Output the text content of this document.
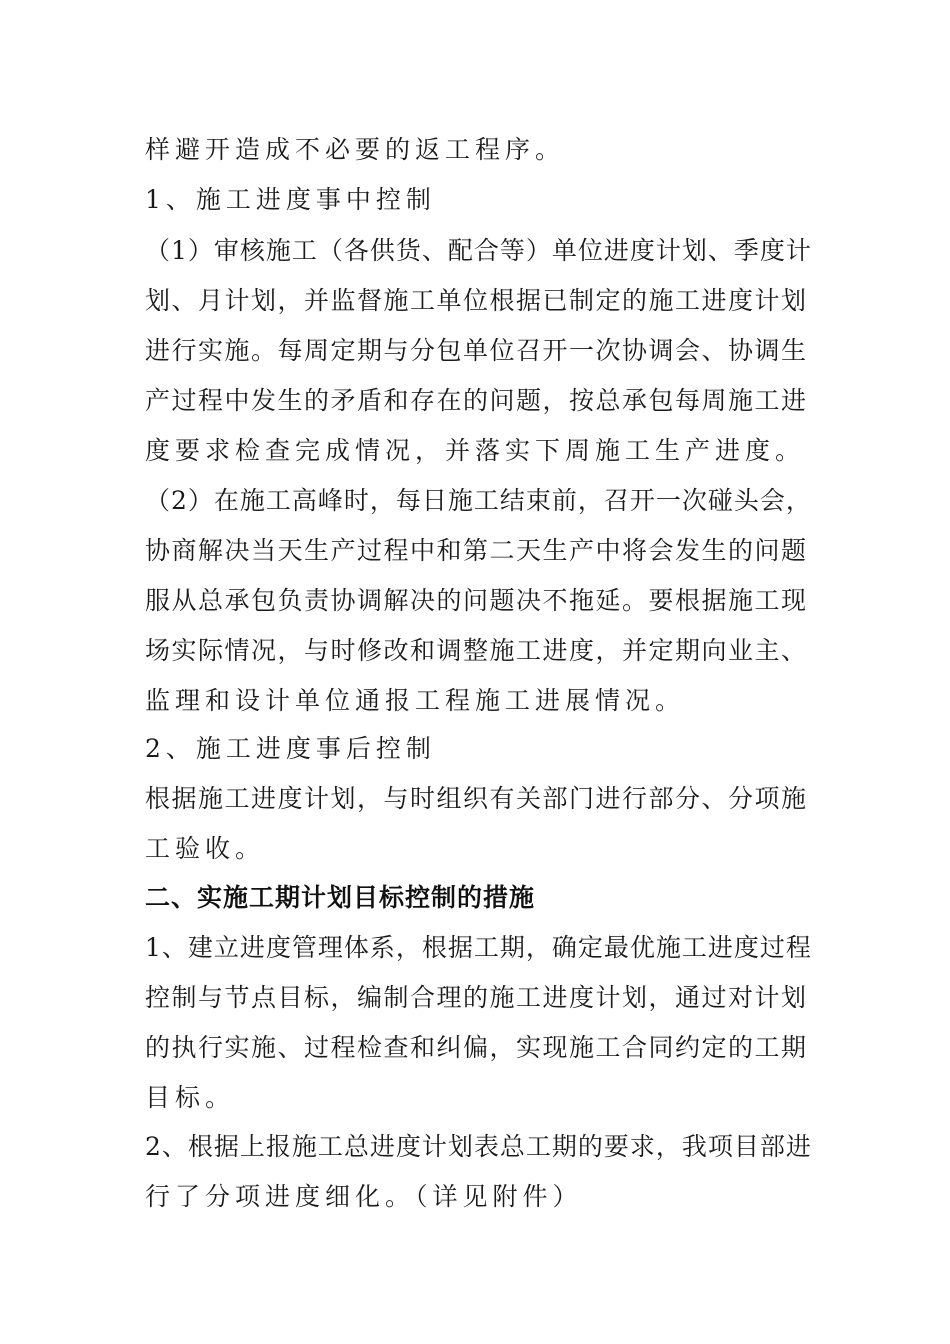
样避开造成不必要的返工程序。
1、施工进度事中控制
（1）审核施工（各供货、配合等）单位进度计划、季度计
划、月计划，并监督施工单位根据已制定的施工进度计划
进行实施。每周定期与分包单位召开一次协调会、协调生
产过程中发生的矛盾和存在的问题，按总承包每周施工进
度要求检查完成情况，并落实下周施工生产进度。
（2）在施工高峰时，每日施工结束前，召开一次碰头会，
协商解决当天生产过程中和第二天生产中将会发生的问题
服从总承包负责协调解决的问题决不拖延。要根据施工现
场实际情况，与时修改和调整施工进度，并定期向业主、
监理和设计单位通报工程施工进展情况。
2、施工进度事后控制
根据施工进度计划，与时组织有关部门进行部分、分项施
工验收。
二、实施工期计划目标控制的措施
1、建立进度管理体系，根据工期，确定最优施工进度过程
控制与节点目标，编制合理的施工进度计划，通过对计划
的执行实施、过程检查和纠偏，实现施工合同约定的工期
目标。
2、根据上报施工总进度计划表总工期的要求，我项目部进
行了分项进度细化。（详见附件）
